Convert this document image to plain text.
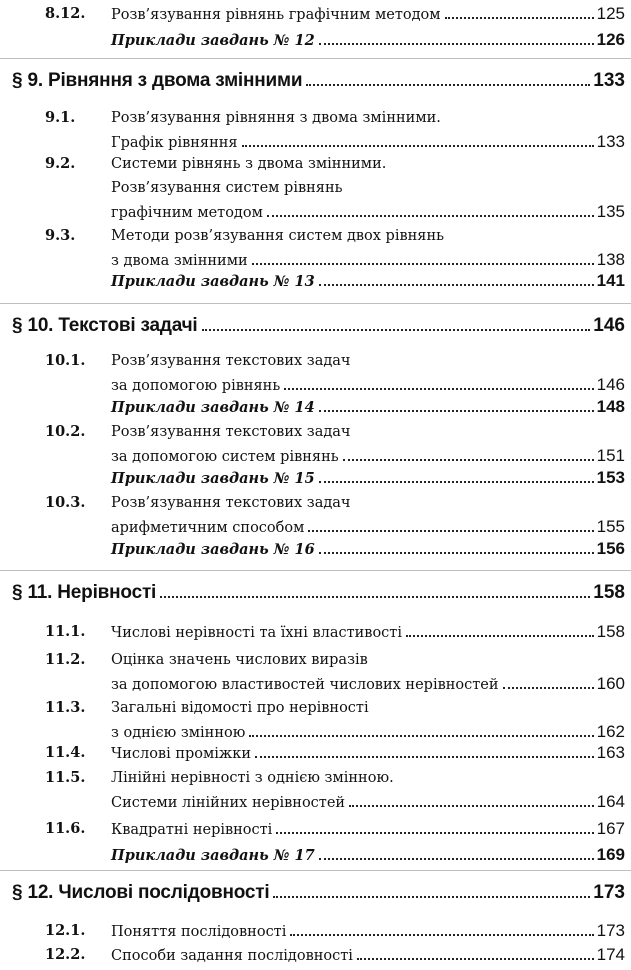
8.12.	Розв’язування рівнянь графічним методом	125
Приклади завдань № 12	126
§ 9. Рівняння з двома змінними	133
9.1.	Розв’язування рівняння з двома змінними.
Графік рівняння	133
9.2.	Системи рівнянь з двома змінними.
Розв’язування систем рівнянь
графічним методом	135
9.3.	Методи розв’язування систем двох рівнянь
з двома змінними	138
Приклади завдань № 13	141
§ 10. Текстові задачі	146
10.1.	Розв’язування текстових задач
за допомогою рівнянь	146
Приклади завдань № 14	148
10.2.	Розв’язування текстових задач
за допомогою систем рівнянь	151
Приклади завдань № 15	153
10.3.	Розв’язування текстових задач
арифметичним способом	155
Приклади завдань № 16	156
§ 11. Нерівності	158
11.1.	Числові нерівності та їхні властивості	158
11.2.	Оцінка значень числових виразів
за допомогою властивостей числових нерівностей	160
11.3.	Загальні відомості про нерівності
з однією змінною	162
11.4.	Числові проміжки	163
11.5.	Лінійні нерівності з однією змінною.
Системи лінійних нерівностей	164
11.6.	Квадратні нерівності	167
Приклади завдань № 17	169
§ 12. Числові послідовності	173
12.1.	Поняття послідовності	173
12.2.	Способи задання послідовності	174
